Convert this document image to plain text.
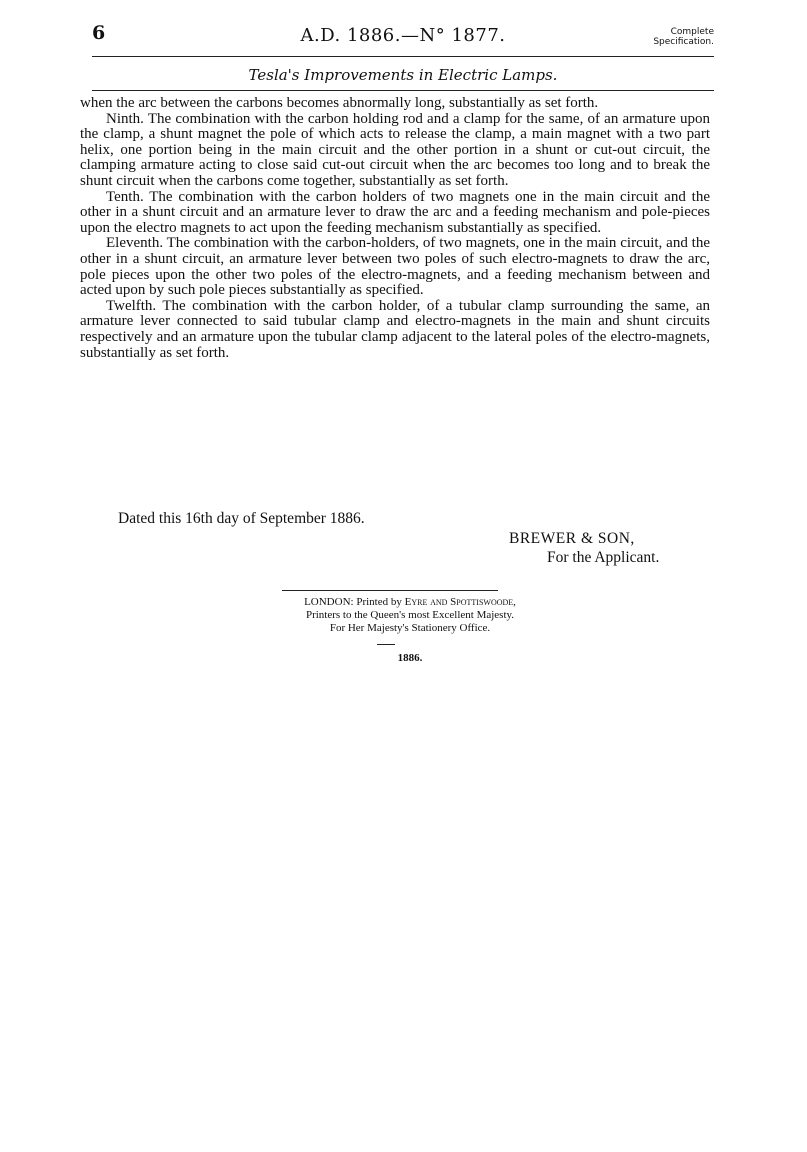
6	A.D. 1886.—N° 1877.	Complete
Specification.
Tesla's Improvements in Electric Lamps.

when the arc between the carbons becomes abnormally long, substantially as set forth.

Ninth. The combination with the carbon holding rod and a clamp for the same, of an armature upon the clamp, a shunt magnet the pole of which acts to release the clamp, a main magnet with a two part helix, one portion being in the main circuit and the other portion in a shunt or cut-out circuit, the clamping armature acting to close said cut-out circuit when the arc becomes too long and to break the shunt circuit when the carbons come together, substantially as set forth.

Tenth. The combination with the carbon holders of two magnets one in the main circuit and the other in a shunt circuit and an armature lever to draw the arc and a feeding mechanism and pole-pieces upon the electro magnets to act upon the feeding mechanism substantially as specified.

Eleventh. The combination with the carbon-holders, of two magnets, one in the main circuit, and the other in a shunt circuit, an armature lever between two poles of such electro-magnets to draw the arc, pole pieces upon the other two poles of the electro-magnets, and a feeding mechanism between and acted upon by such pole pieces substantially as specified.

Twelfth. The combination with the carbon holder, of a tubular clamp surrounding the same, an armature lever connected to said tubular clamp and electro-magnets in the main and shunt circuits respectively and an armature upon the tubular clamp adjacent to the lateral poles of the electro-magnets, substantially as set forth.

Dated this 16th day of September 1886.
BREWER & SON,
For the Applicant.
LONDON: Printed by Eyre and Spottiswoode,
Printers to the Queen's most Excellent Majesty.
For Her Majesty's Stationery Office.
1886.
